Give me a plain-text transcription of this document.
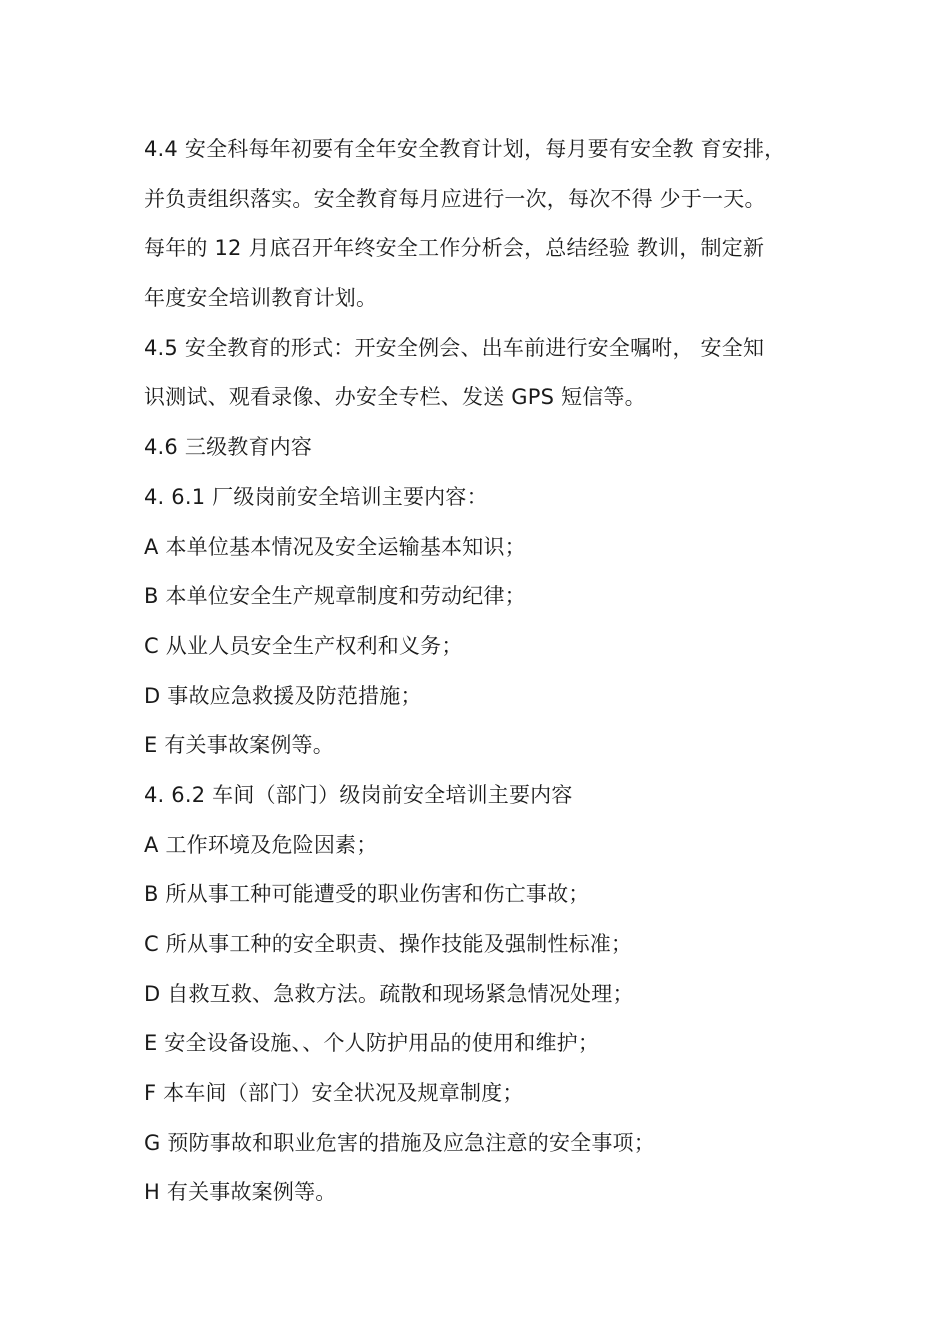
4.4 安全科每年初要有全年安全教育计划，每月要有安全教 育安排，
并负责组织落实。安全教育每月应进行一次，每次不得 少于一天。
每年的 12 月底召开年终安全工作分析会，总结经验 教训，制定新
年度安全培训教育计划。
4.5 安全教育的形式：开安全例会、出车前进行安全嘱咐， 安全知
识测试、观看录像、办安全专栏、发送 GPS 短信等。
4.6 三级教育内容
4. 6.1 厂级岗前安全培训主要内容：
A 本单位基本情况及安全运输基本知识；
B 本单位安全生产规章制度和劳动纪律；
C 从业人员安全生产权利和义务；
D 事故应急救援及防范措施；
E 有关事故案例等。
4. 6.2 车间（部门）级岗前安全培训主要内容
A 工作环境及危险因素；
B 所从事工种可能遭受的职业伤害和伤亡事故；
C 所从事工种的安全职责、操作技能及强制性标准；
D 自救互救、急救方法。疏散和现场紧急情况处理；
E 安全设备设施、、个人防护用品的使用和维护；
F 本车间（部门）安全状况及规章制度；
G 预防事故和职业危害的措施及应急注意的安全事项；
H 有关事故案例等。
